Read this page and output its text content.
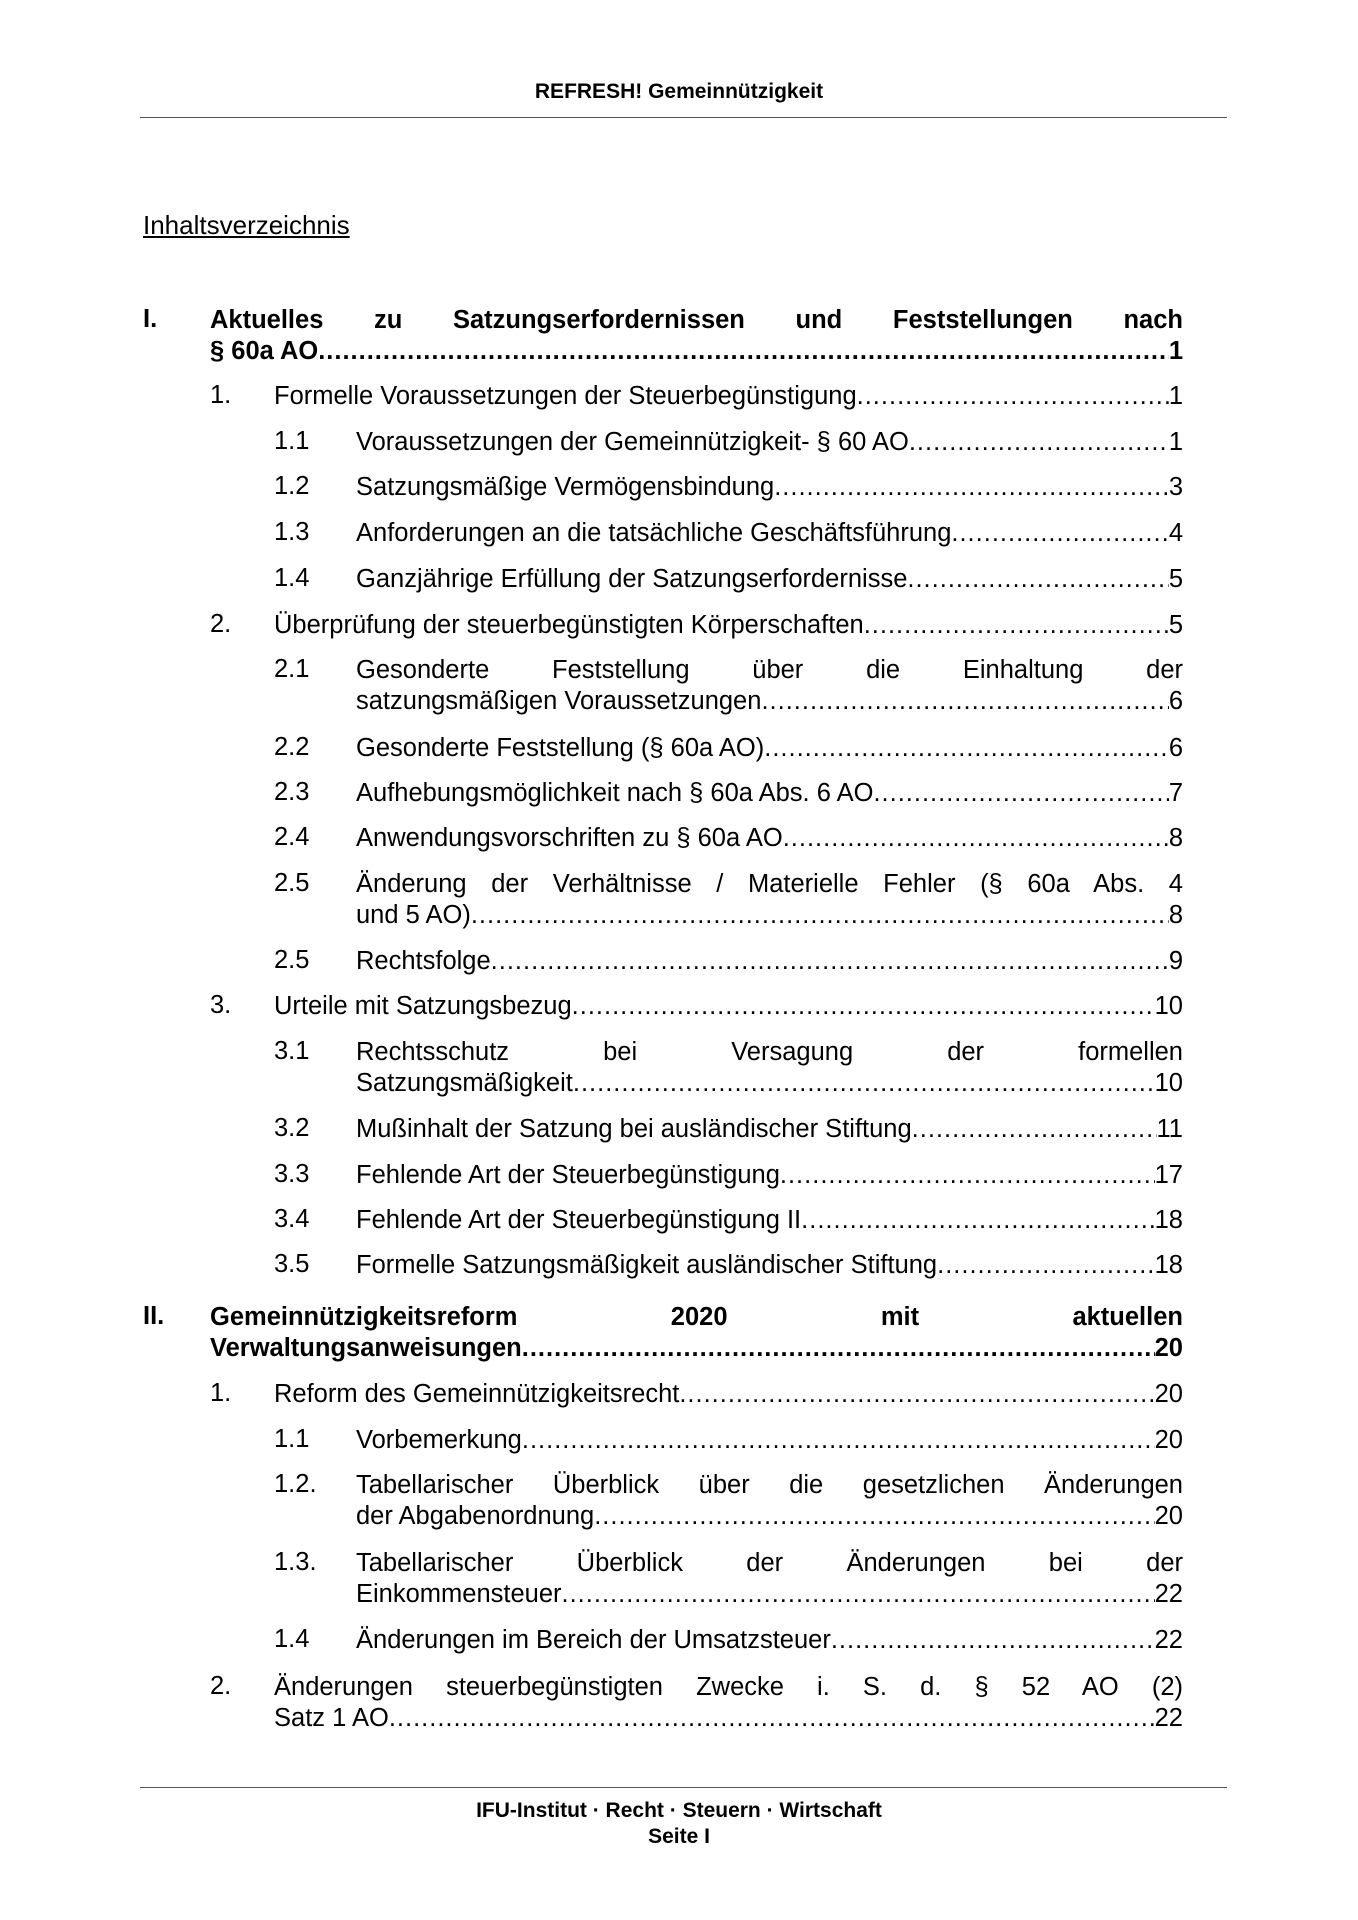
REFRESH! Gemeinnützigkeit
Inhaltsverzeichnis
I. Aktuelles zu Satzungserfordernissen und Feststellungen nach
§ 60a AO .....	1
1. Formelle Voraussetzungen der Steuerbegünstigung .....	1
1.1 Voraussetzungen der Gemeinnützigkeit- § 60 AO .....	1
1.2 Satzungsmäßige Vermögensbindung .....	3
1.3 Anforderungen an die tatsächliche Geschäftsführung .....	4
1.4 Ganzjährige Erfüllung der Satzungserfordernisse .....	5
2. Überprüfung der steuerbegünstigten Körperschaften .....	5
2.1 Gesonderte Feststellung über die Einhaltung der
satzungsmäßigen Voraussetzungen .....	6
2.2 Gesonderte Feststellung (§ 60a AO) .....	6
2.3 Aufhebungsmöglichkeit nach § 60a Abs. 6 AO .....	7
2.4 Anwendungsvorschriften zu § 60a AO .....	8
2.5 Änderung der Verhältnisse / Materielle Fehler (§ 60a Abs. 4
und 5 AO) .....	8
2.5 Rechtsfolge .....	9
3. Urteile mit Satzungsbezug .....	10
3.1 Rechtsschutz bei Versagung der formellen
Satzungsmäßigkeit .....	10
3.2 Mußinhalt der Satzung bei ausländischer Stiftung .....	11
3.3 Fehlende Art der Steuerbegünstigung .....	17
3.4 Fehlende Art der Steuerbegünstigung II .....	18
3.5 Formelle Satzungsmäßigkeit ausländischer Stiftung .....	18
II. Gemeinnützigkeitsreform 2020 mit aktuellen
Verwaltungsanweisungen .....	20
1. Reform des Gemeinnützigkeitsrecht .....	20
1.1 Vorbemerkung .....	20
1.2. Tabellarischer Überblick über die gesetzlichen Änderungen
der Abgabenordnung .....	20
1.3. Tabellarischer Überblick der Änderungen bei der
Einkommensteuer .....	22
1.4 Änderungen im Bereich der Umsatzsteuer .....	22
2. Änderungen steuerbegünstigten Zwecke i. S. d. § 52 AO (2)
Satz 1 AO .....	22
IFU-Institut · Recht · Steuern · Wirtschaft
Seite I
